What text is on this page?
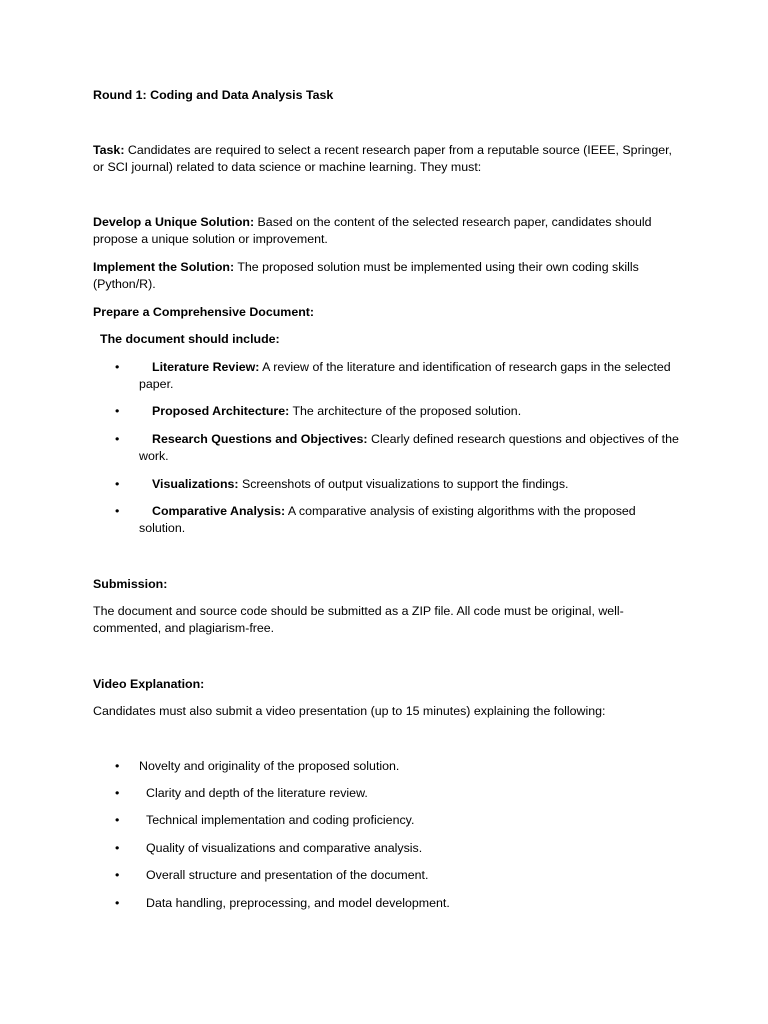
Round 1: Coding and Data Analysis Task
Task: Candidates are required to select a recent research paper from a reputable source (IEEE, Springer, or SCI journal) related to data science or machine learning. They must:
Develop a Unique Solution: Based on the content of the selected research paper, candidates should propose a unique solution or improvement.
Implement the Solution: The proposed solution must be implemented using their own coding skills (Python/R).
Prepare a Comprehensive Document:
The document should include:
•	Literature Review: A review of the literature and identification of research gaps in the selected paper.
•	Proposed Architecture: The architecture of the proposed solution.
•	Research Questions and Objectives: Clearly defined research questions and objectives of the work.
•	Visualizations: Screenshots of output visualizations to support the findings.
•	Comparative Analysis: A comparative analysis of existing algorithms with the proposed solution.
Submission:
The document and source code should be submitted as a ZIP file. All code must be original, well-commented, and plagiarism-free.
Video Explanation:
Candidates must also submit a video presentation (up to 15 minutes) explaining the following:
•	Novelty and originality of the proposed solution.
•	Clarity and depth of the literature review.
•	Technical implementation and coding proficiency.
•	Quality of visualizations and comparative analysis.
•	Overall structure and presentation of the document.
•	Data handling, preprocessing, and model development.
